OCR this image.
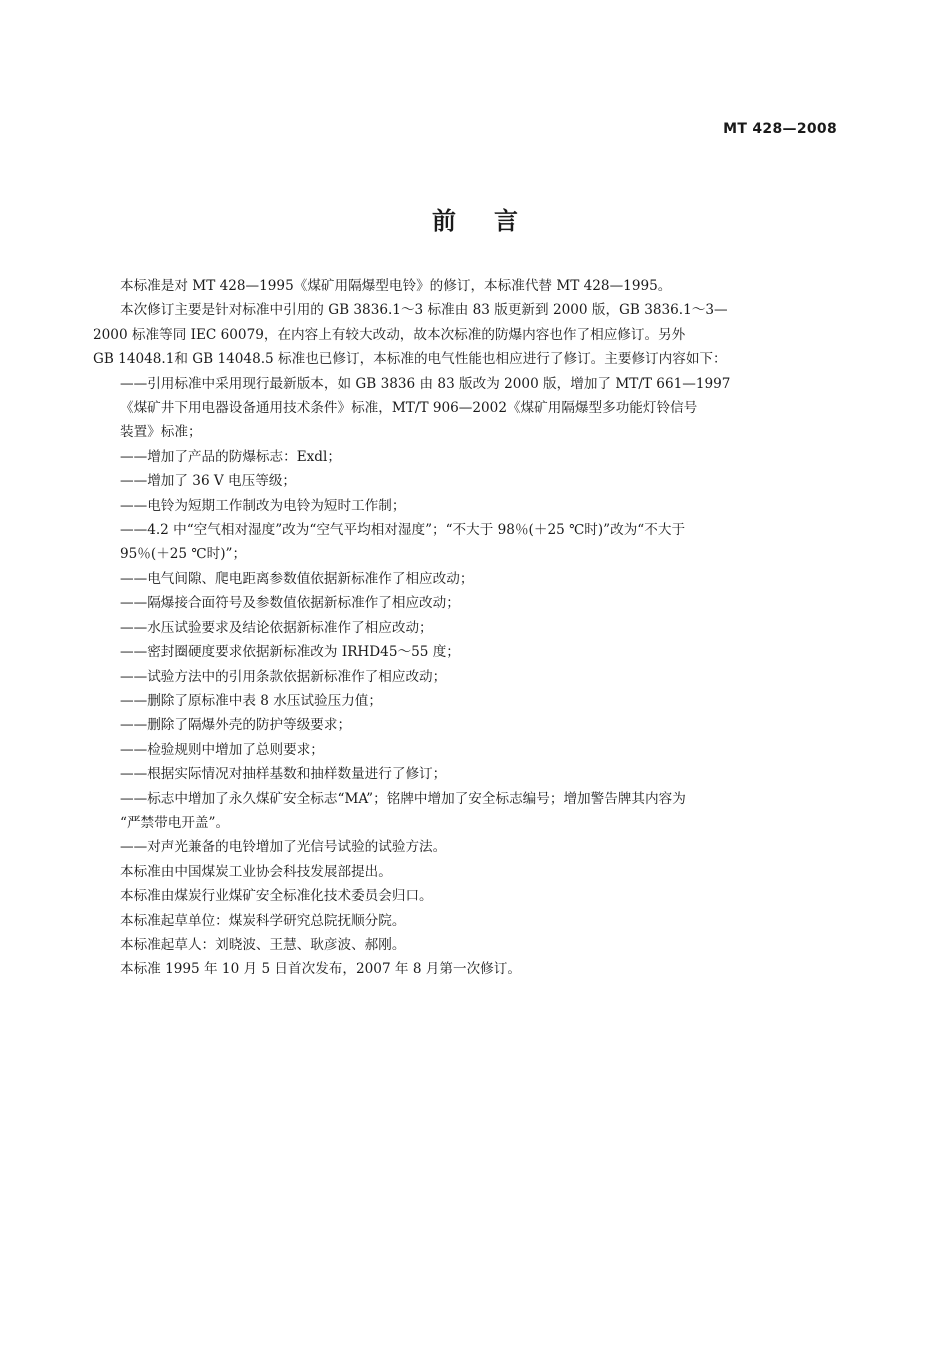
MT 428—2008
前言
本标准是对 MT 428—1995《煤矿用隔爆型电铃》的修订，本标准代替 MT 428—1995。
本次修订主要是针对标准中引用的 GB 3836.1～3 标准由 83 版更新到 2000 版，GB 3836.1～3—
2000 标准等同 IEC 60079，在内容上有较大改动，故本次标准的防爆内容也作了相应修订。另外
GB 14048.1和 GB 14048.5 标准也已修订，本标准的电气性能也相应进行了修订。主要修订内容如下：
——引用标准中采用现行最新版本，如 GB 3836 由 83 版改为 2000 版，增加了 MT/T 661—1997
《煤矿井下用电器设备通用技术条件》标准，MT/T 906—2002《煤矿用隔爆型多功能灯铃信号
装置》标准；
——增加了产品的防爆标志：Exdl；
——增加了 36 V 电压等级；
——电铃为短期工作制改为电铃为短时工作制；
——4.2 中“空气相对湿度”改为“空气平均相对湿度”；“不大于 98％(＋25 ℃时)”改为“不大于
95％(＋25 ℃时)”；
——电气间隙、爬电距离参数值依据新标准作了相应改动；
——隔爆接合面符号及参数值依据新标准作了相应改动；
——水压试验要求及结论依据新标准作了相应改动；
——密封圈硬度要求依据新标准改为 IRHD45～55 度；
——试验方法中的引用条款依据新标准作了相应改动；
——删除了原标准中表 8 水压试验压力值；
——删除了隔爆外壳的防护等级要求；
——检验规则中增加了总则要求；
——根据实际情况对抽样基数和抽样数量进行了修订；
——标志中增加了永久煤矿安全标志“MA”；铭牌中增加了安全标志编号；增加警告牌其内容为
“严禁带电开盖”。
——对声光兼备的电铃增加了光信号试验的试验方法。
本标准由中国煤炭工业协会科技发展部提出。
本标准由煤炭行业煤矿安全标准化技术委员会归口。
本标准起草单位：煤炭科学研究总院抚顺分院。
本标准起草人：刘晓波、王慧、耿彦波、郝刚。
本标准 1995 年 10 月 5 日首次发布，2007 年 8 月第一次修订。
